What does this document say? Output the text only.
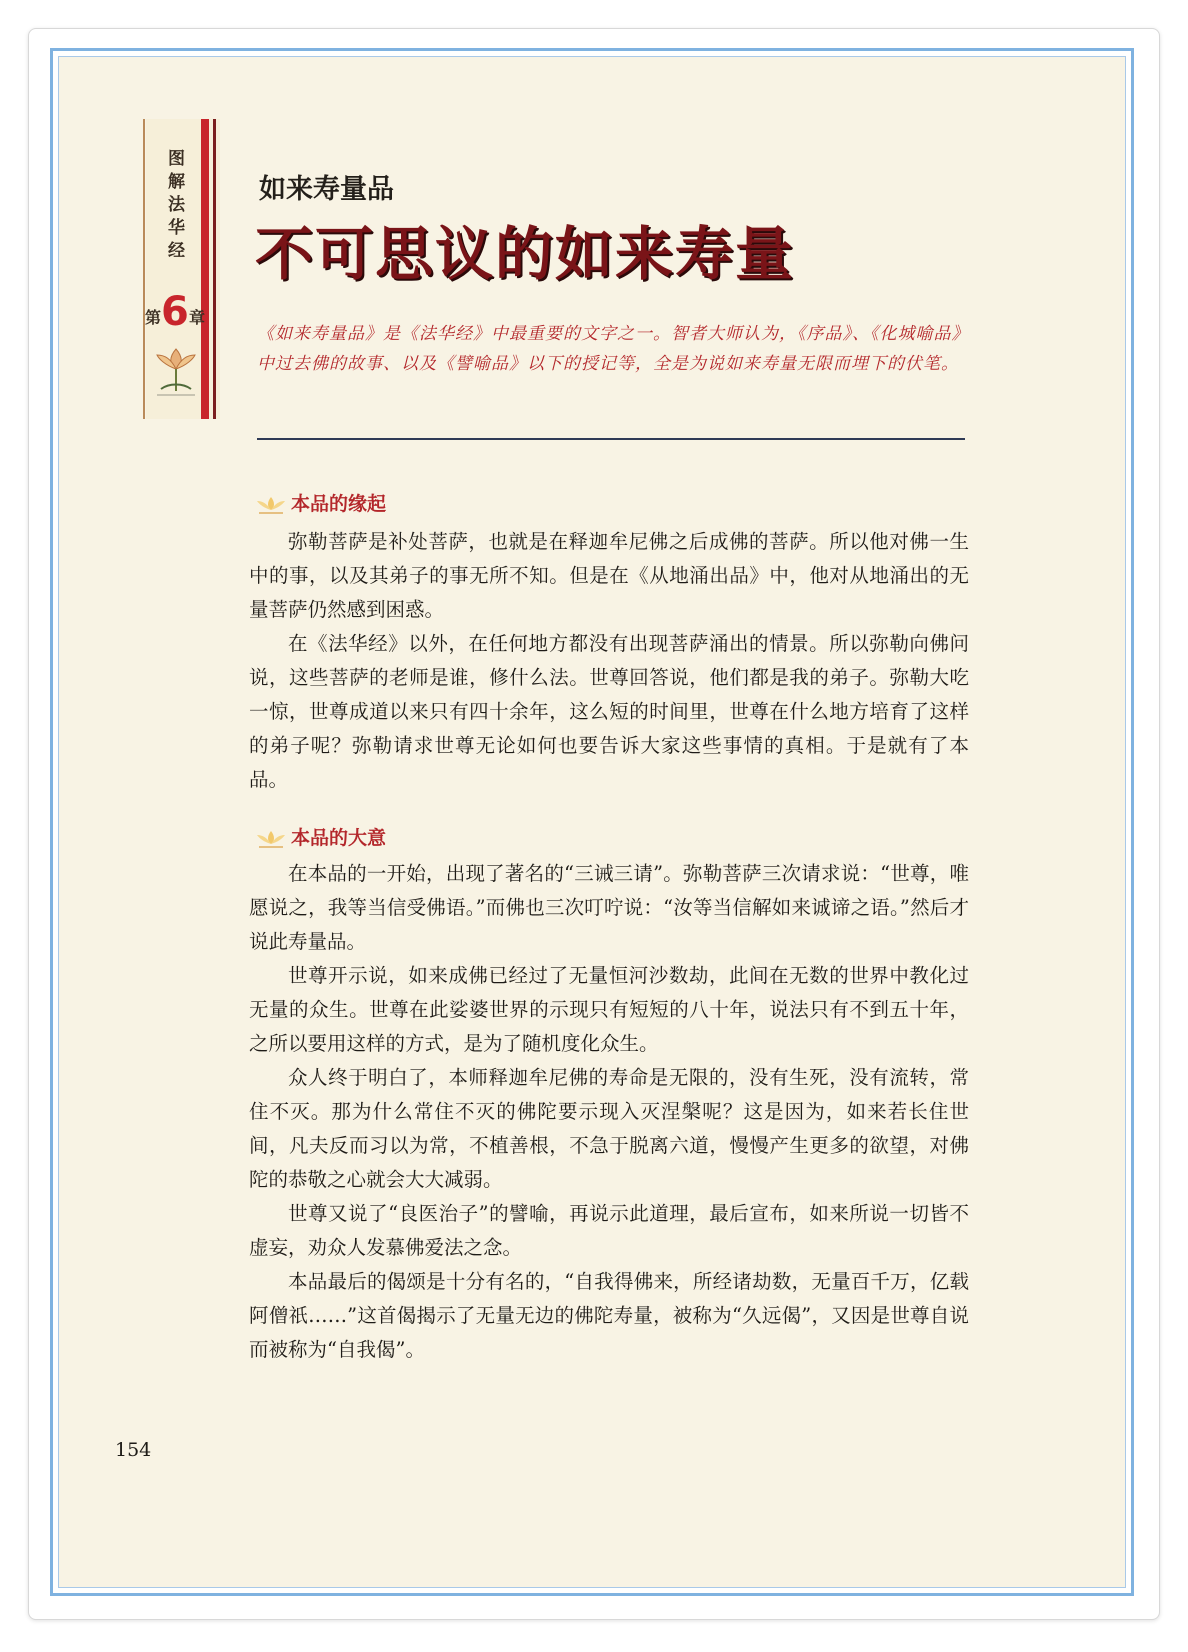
图解法华经
第 6 章
如来寿量品
不可思议的如来寿量
《如来寿量品》是《法华经》中最重要的文字之一。智者大师认为，《序品》、《化城喻品》中过去佛的故事、以及《譬喻品》以下的授记等，全是为说如来寿量无限而埋下的伏笔。
本品的缘起

弥勒菩萨是补处菩萨，也就是在释迦牟尼佛之后成佛的菩萨。所以他对佛一生中的事，以及其弟子的事无所不知。但是在《从地涌出品》中，他对从地涌出的无量菩萨仍然感到困惑。

在《法华经》以外，在任何地方都没有出现菩萨涌出的情景。所以弥勒向佛问说，这些菩萨的老师是谁，修什么法。世尊回答说，他们都是我的弟子。弥勒大吃一惊，世尊成道以来只有四十余年，这么短的时间里，世尊在什么地方培育了这样的弟子呢？弥勒请求世尊无论如何也要告诉大家这些事情的真相。于是就有了本品。

本品的大意

在本品的一开始，出现了著名的“三诫三请”。弥勒菩萨三次请求说：“世尊，唯愿说之，我等当信受佛语。”而佛也三次叮咛说：“汝等当信解如来诚谛之语。”然后才说此寿量品。

世尊开示说，如来成佛已经过了无量恒河沙数劫，此间在无数的世界中教化过无量的众生。世尊在此娑婆世界的示现只有短短的八十年，说法只有不到五十年，之所以要用这样的方式，是为了随机度化众生。

众人终于明白了，本师释迦牟尼佛的寿命是无限的，没有生死，没有流转，常住不灭。那为什么常住不灭的佛陀要示现入灭涅槃呢？这是因为，如来若长住世间，凡夫反而习以为常，不植善根，不急于脱离六道，慢慢产生更多的欲望，对佛陀的恭敬之心就会大大减弱。

世尊又说了“良医治子”的譬喻，再说示此道理，最后宣布，如来所说一切皆不虚妄，劝众人发慕佛爱法之念。

本品最后的偈颂是十分有名的，“自我得佛来，所经诸劫数，无量百千万，亿载阿僧祇……”这首偈揭示了无量无边的佛陀寿量，被称为“久远偈”，又因是世尊自说而被称为“自我偈”。

154
